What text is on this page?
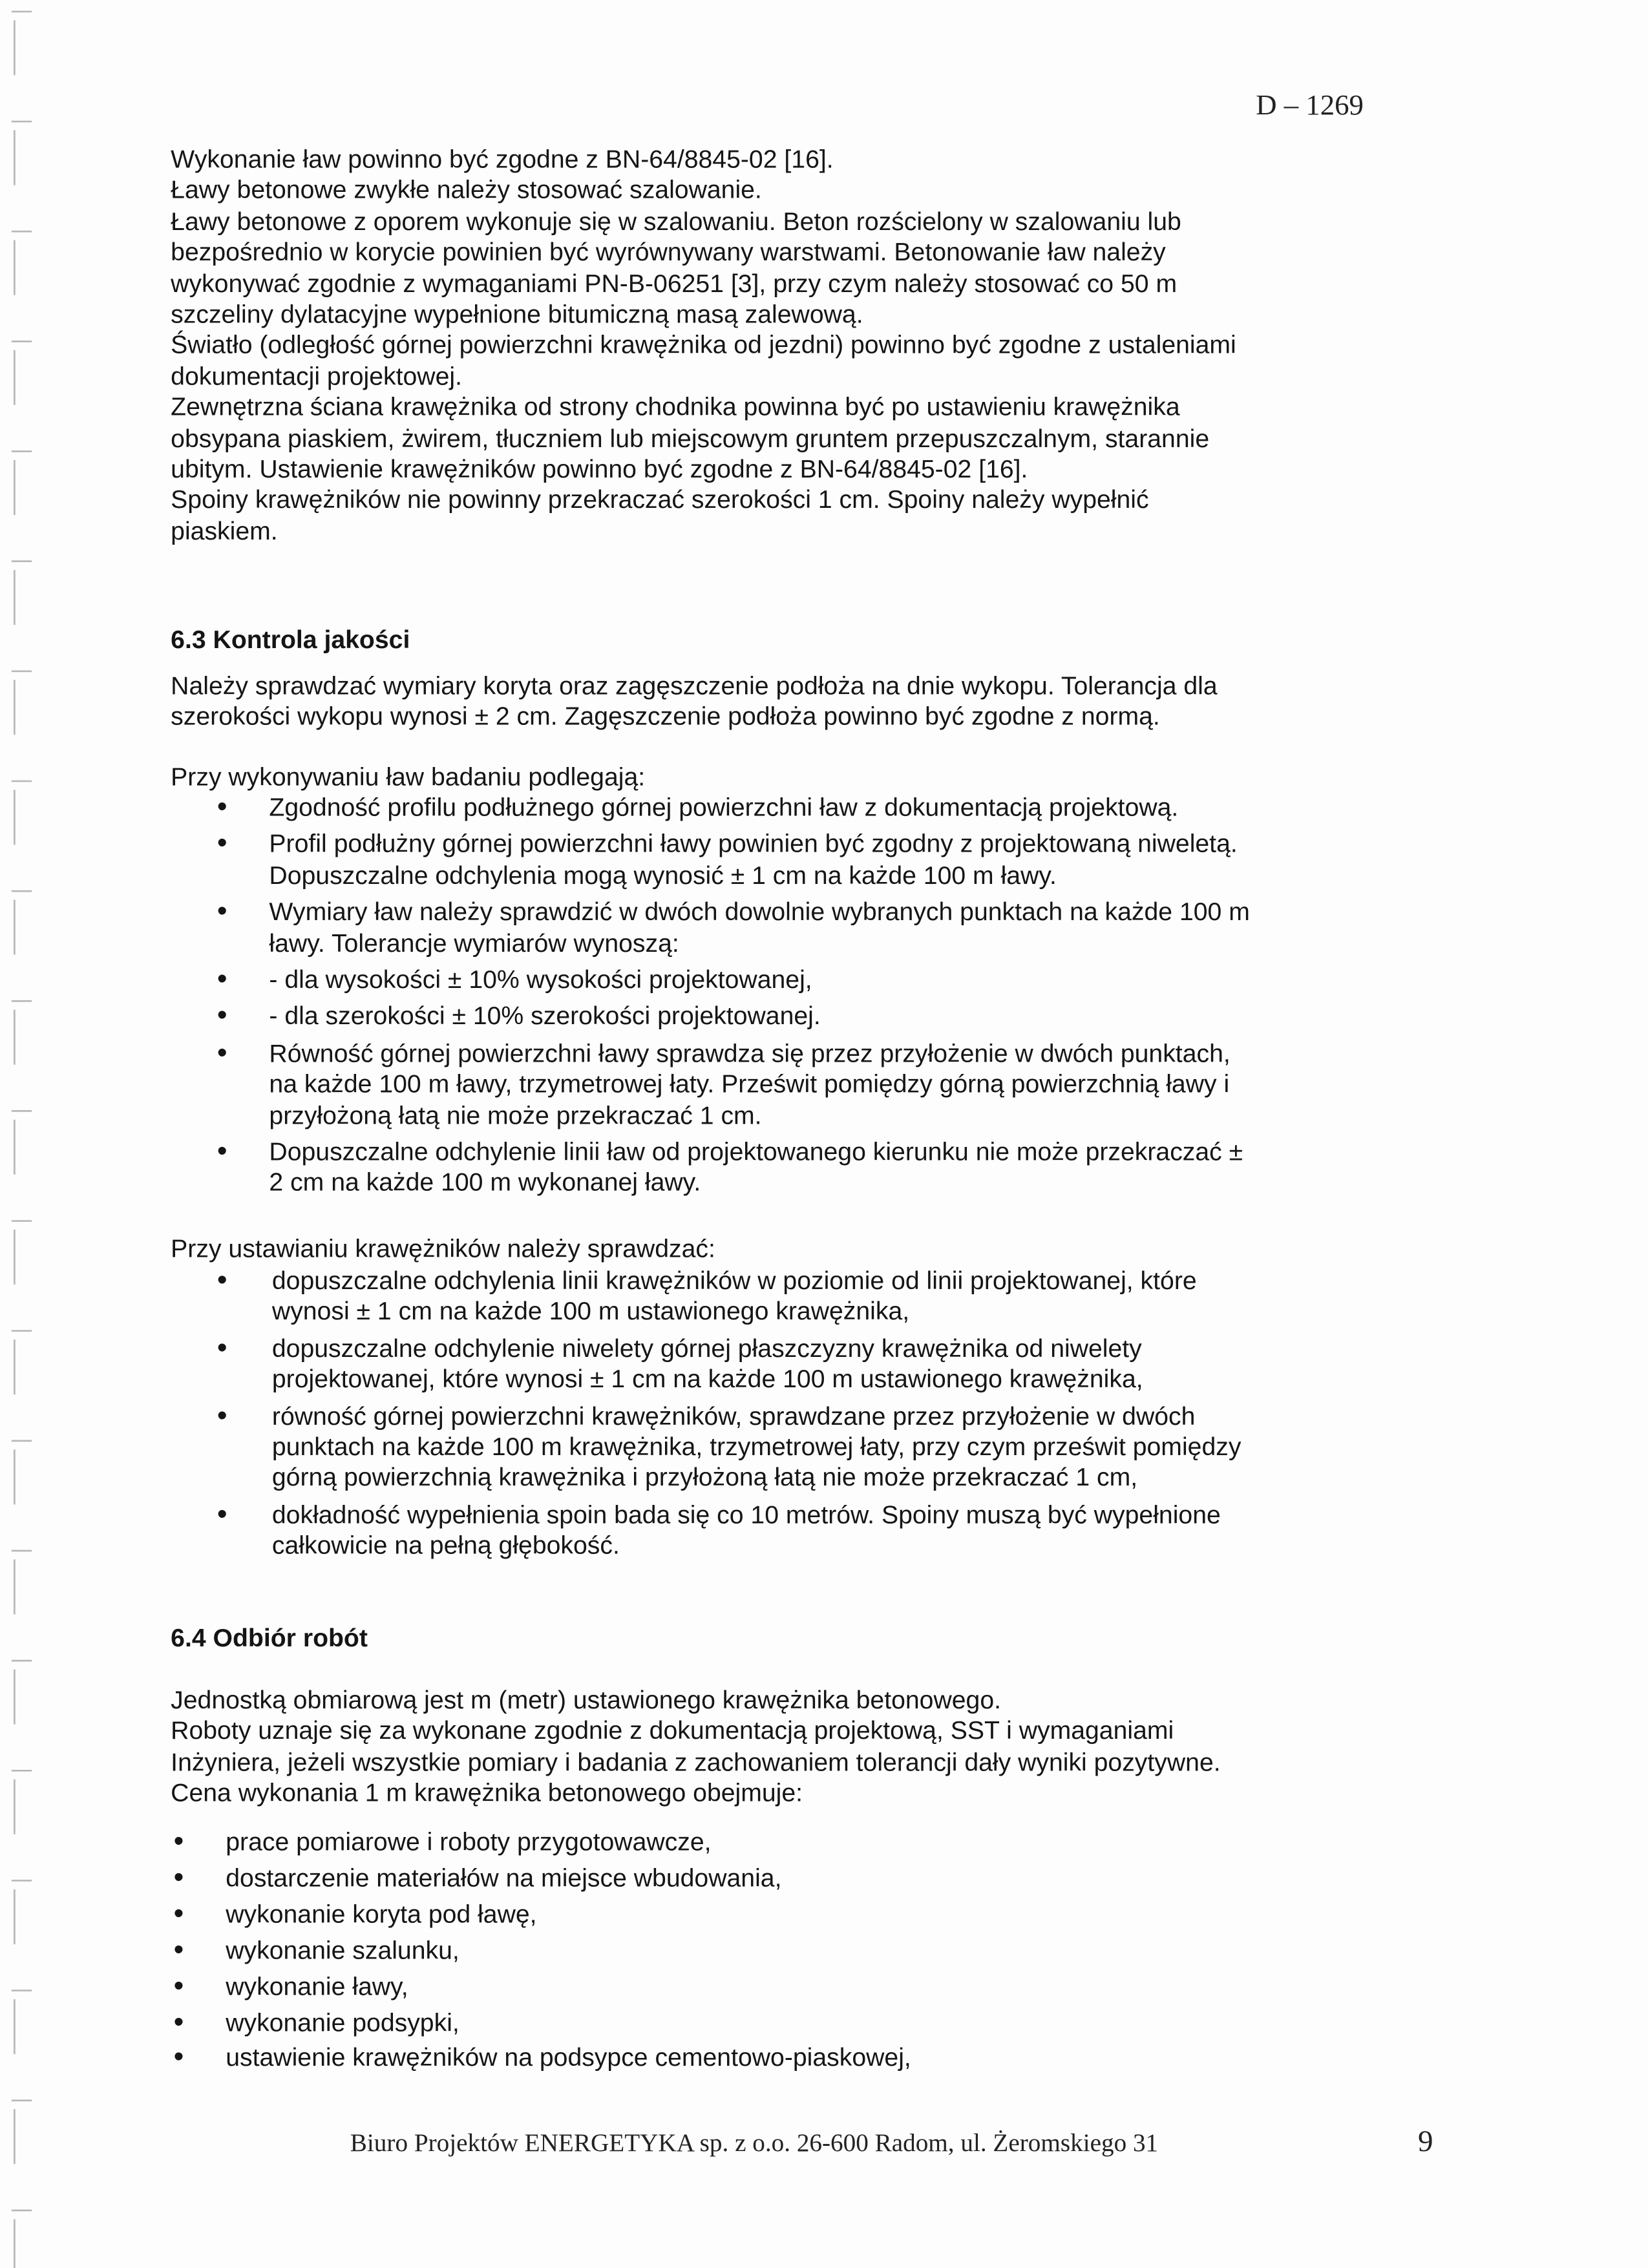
D – 1269

Wykonanie ław powinno być zgodne z BN-64/8845-02 [16].
Ławy betonowe zwykłe należy stosować szalowanie.
Ławy betonowe z oporem wykonuje się w szalowaniu. Beton rozścielony w szalowaniu lub
bezpośrednio w korycie powinien być wyrównywany warstwami. Betonowanie ław należy
wykonywać zgodnie z wymaganiami PN-B-06251 [3], przy czym należy stosować co 50 m
szczeliny dylatacyjne wypełnione bitumiczną masą zalewową.
Światło (odległość górnej powierzchni krawężnika od jezdni) powinno być zgodne z ustaleniami
dokumentacji projektowej.
Zewnętrzna ściana krawężnika od strony chodnika powinna być po ustawieniu krawężnika
obsypana piaskiem, żwirem, tłuczniem lub miejscowym gruntem przepuszczalnym, starannie
ubitym. Ustawienie krawężników powinno być zgodne z BN-64/8845-02 [16].
Spoiny krawężników nie powinny przekraczać szerokości 1 cm. Spoiny należy wypełnić
piaskiem.

6.3 Kontrola jakości

Należy sprawdzać wymiary koryta oraz zagęszczenie podłoża na dnie wykopu. Tolerancja dla
szerokości wykopu wynosi ± 2 cm. Zagęszczenie podłoża powinno być zgodne z normą.

Przy wykonywaniu ław badaniu podlegają:

• Zgodność profilu podłużnego górnej powierzchni ław z dokumentacją projektową.
• Profil podłużny górnej powierzchni ławy powinien być zgodny z projektowaną niweletą.
Dopuszczalne odchylenia mogą wynosić ± 1 cm na każde 100 m ławy.
• Wymiary ław należy sprawdzić w dwóch dowolnie wybranych punktach na każde 100 m
ławy. Tolerancje wymiarów wynoszą:
• - dla wysokości ± 10% wysokości projektowanej,
• - dla szerokości ± 10% szerokości projektowanej.
• Równość górnej powierzchni ławy sprawdza się przez przyłożenie w dwóch punktach,
na każde 100 m ławy, trzymetrowej łaty. Prześwit pomiędzy górną powierzchnią ławy i
przyłożoną łatą nie może przekraczać 1 cm.
• Dopuszczalne odchylenie linii ław od projektowanego kierunku nie może przekraczać ±
2 cm na każde 100 m wykonanej ławy.

Przy ustawianiu krawężników należy sprawdzać:

• dopuszczalne odchylenia linii krawężników w poziomie od linii projektowanej, które
wynosi ± 1 cm na każde 100 m ustawionego krawężnika,
• dopuszczalne odchylenie niwelety górnej płaszczyzny krawężnika od niwelety
projektowanej, które wynosi ± 1 cm na każde 100 m ustawionego krawężnika,
• równość górnej powierzchni krawężników, sprawdzane przez przyłożenie w dwóch
punktach na każde 100 m krawężnika, trzymetrowej łaty, przy czym prześwit pomiędzy
górną powierzchnią krawężnika i przyłożoną łatą nie może przekraczać 1 cm,
• dokładność wypełnienia spoin bada się co 10 metrów. Spoiny muszą być wypełnione
całkowicie na pełną głębokość.
6.4 Odbiór robót

Jednostką obmiarową jest m (metr) ustawionego krawężnika betonowego.
Roboty uznaje się za wykonane zgodnie z dokumentacją projektową, SST i wymaganiami
Inżyniera, jeżeli wszystkie pomiary i badania z zachowaniem tolerancji dały wyniki pozytywne.
Cena wykonania 1 m krawężnika betonowego obejmuje:

• prace pomiarowe i roboty przygotowawcze,
• dostarczenie materiałów na miejsce wbudowania,
• wykonanie koryta pod ławę,
• wykonanie szalunku,
• wykonanie ławy,
• wykonanie podsypki,
• ustawienie krawężników na podsypce cementowo-piaskowej,
Biuro Projektów ENERGETYKA sp. z o.o. 26-600 Radom, ul. Żeromskiego 31	9
